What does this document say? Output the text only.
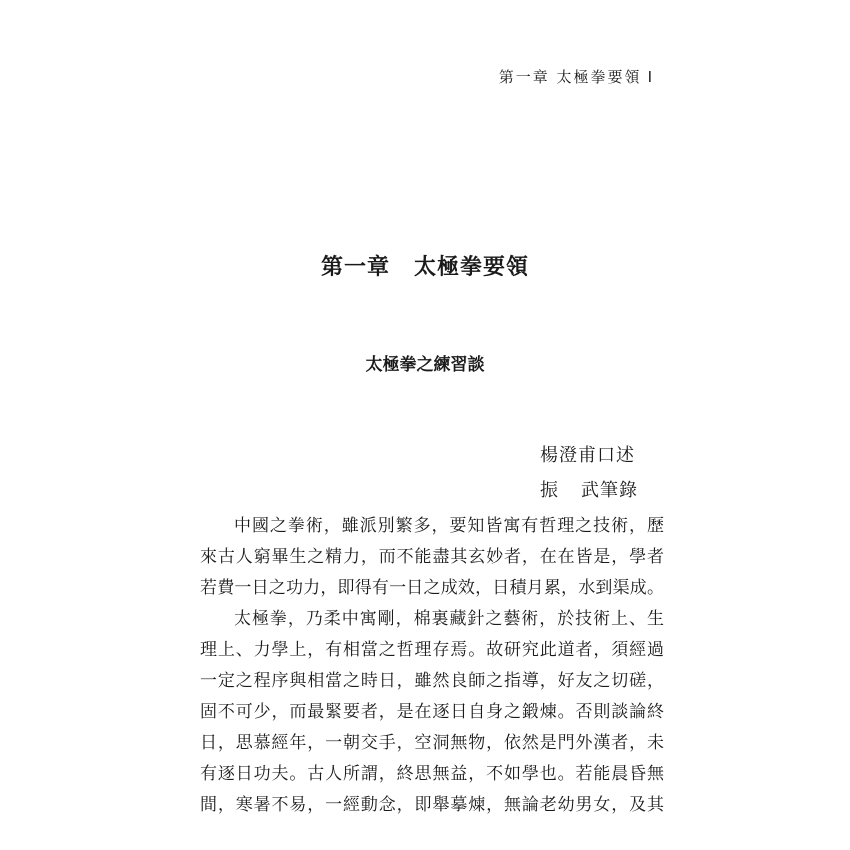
第一章 太極拳要領 Ⅰ
第一章 太極拳要領
太極拳之練習談
楊澄甫口述
振 武筆錄
中國之拳術，雖派別繁多，要知皆寓有哲理之技術，歷
來古人窮畢生之精力，而不能盡其玄妙者，在在皆是，學者
若費一日之功力，即得有一日之成效，日積月累，水到渠成。
太極拳，乃柔中寓剛，棉裏藏針之藝術，於技術上、生
理上、力學上，有相當之哲理存焉。故研究此道者，須經過
一定之程序與相當之時日，雖然良師之指導，好友之切磋，
固不可少，而最緊要者，是在逐日自身之鍛煉。否則談論終
日，思慕經年，一朝交手，空洞無物，依然是門外漢者，未
有逐日功夫。古人所謂，終思無益，不如學也。若能晨昏無
間，寒暑不易，一經動念，即舉摹煉，無論老幼男女，及其
